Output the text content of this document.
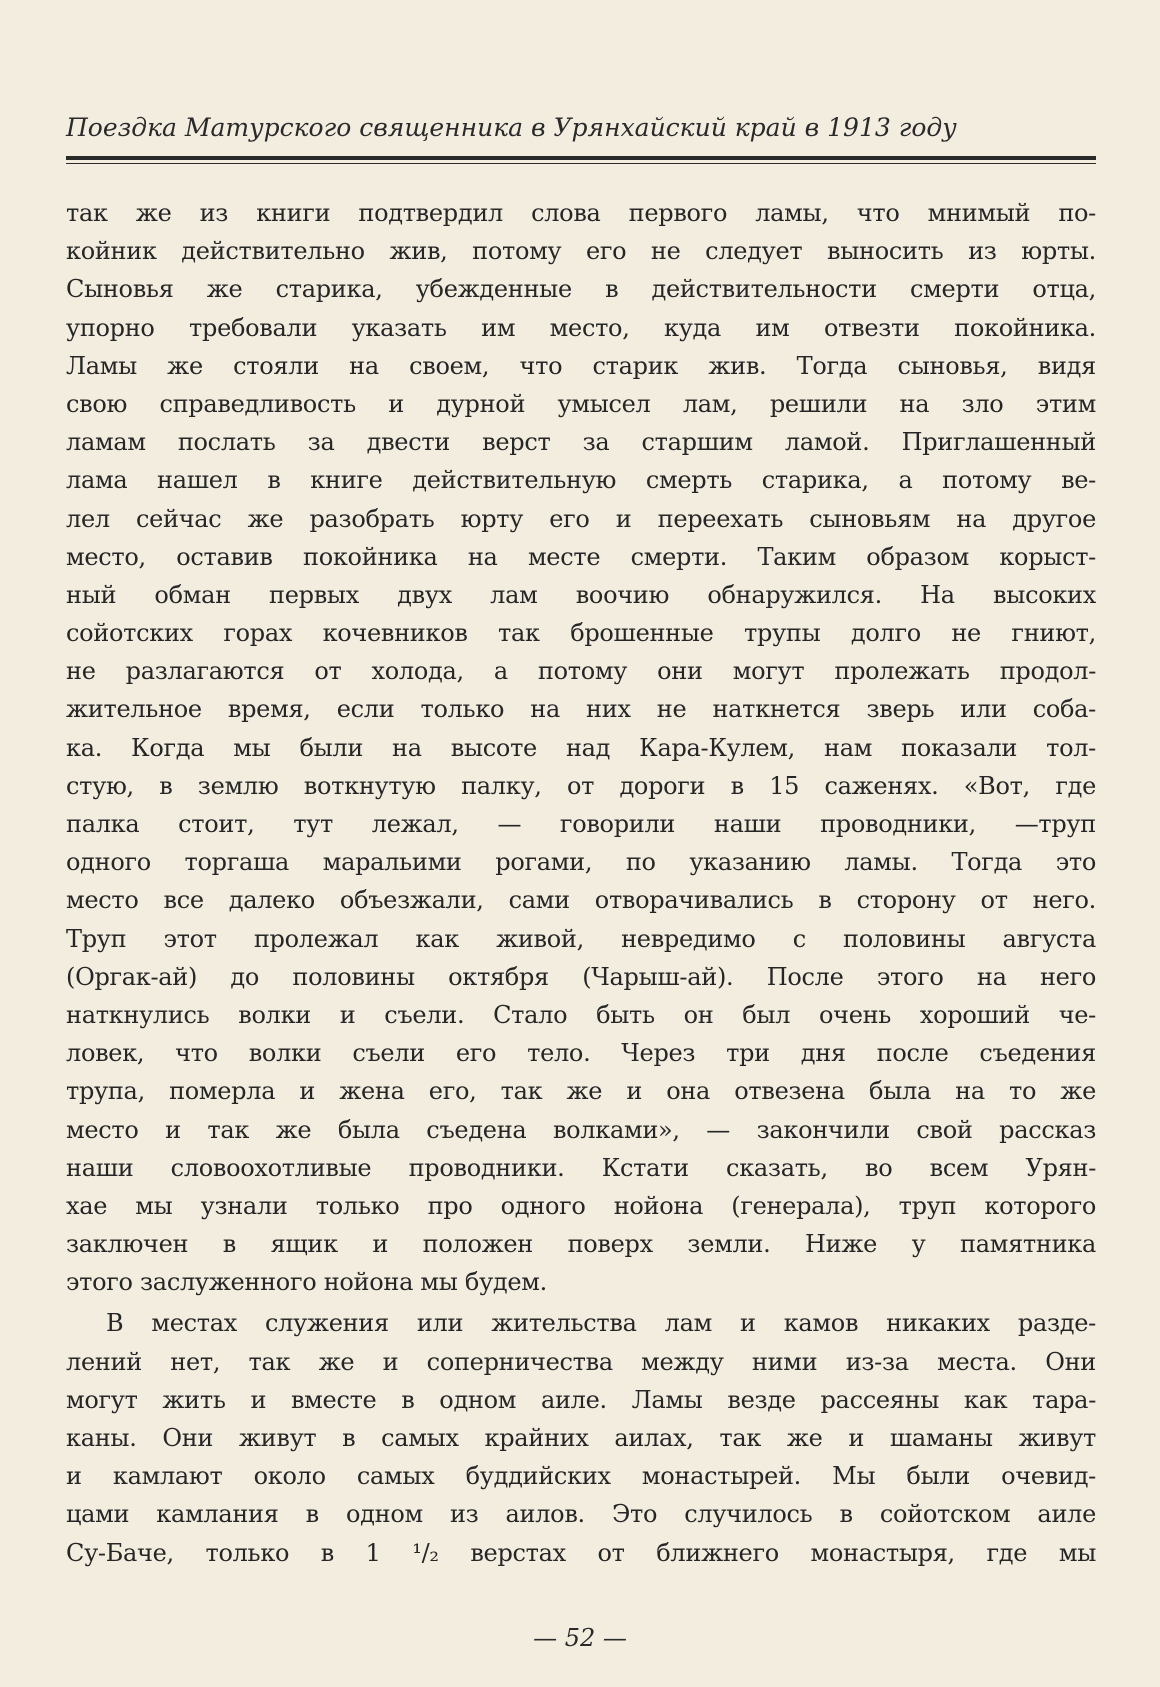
Поездка Матурского священника в Урянхайский край в 1913 году
так же из книги подтвердил слова первого ламы, что мнимый по-
койник действительно жив, потому его не следует выносить из юрты.
Сыновья же старика, убежденные в действительности смерти отца,
упорно требовали указать им место, куда им отвезти покойника.
Ламы же стояли на своем, что старик жив. Тогда сыновья, видя
свою справедливость и дурной умысел лам, решили на зло этим
ламам послать за двести верст за старшим ламой. Приглашенный
лама нашел в книге действительную смерть старика, а потому ве-
лел сейчас же разобрать юрту его и переехать сыновьям на другое
место, оставив покойника на месте смерти. Таким образом корыст-
ный обман первых двух лам воочию обнаружился. На высоких
сойотских горах кочевников так брошенные трупы долго не гниют,
не разлагаются от холода, а потому они могут пролежать продол-
жительное время, если только на них не наткнется зверь или соба-
ка. Когда мы были на высоте над Кара-Кулем, нам показали тол-
стую, в землю воткнутую палку, от дороги в 15 саженях. «Вот, где
палка стоит, тут лежал, — говорили наши проводники, —труп
одного торгаша маральими рогами, по указанию ламы. Тогда это
место все далеко объезжали, сами отворачивались в сторону от него.
Труп этот пролежал как живой, невредимо с половины августа
(Оргак-ай) до половины октября (Чарыш-ай). После этого на него
наткнулись волки и съели. Стало быть он был очень хороший че-
ловек, что волки съели его тело. Через три дня после съедения
трупа, померла и жена его, так же и она отвезена была на то же
место и так же была съедена волками», — закончили свой рассказ
наши словоохотливые проводники. Кстати сказать, во всем Урян-
хае мы узнали только про одного нойона (генерала), труп которого
заключен в ящик и положен поверх земли. Ниже у памятника
этого заслуженного нойона мы будем.
В местах служения или жительства лам и камов никаких разде-
лений нет, так же и соперничества между ними из-за места. Они
могут жить и вместе в одном аиле. Ламы везде рассеяны как тара-
каны. Они живут в самых крайних аилах, так же и шаманы живут
и камлают около самых буддийских монастырей. Мы были очевид-
цами камлания в одном из аилов. Это случилось в сойотском аиле
Су-Баче, только в 1 ¹/₂ верстах от ближнего монастыря, где мы
— 52 —
